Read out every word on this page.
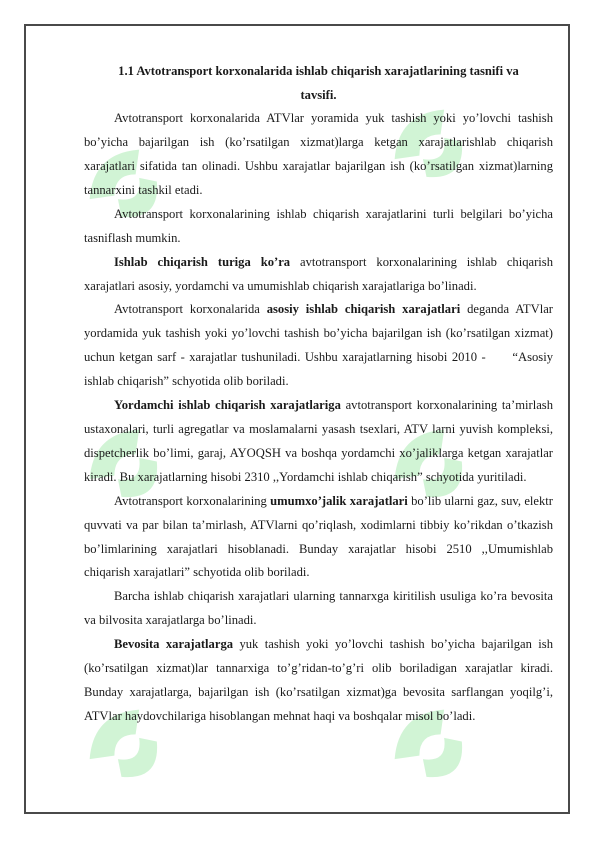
1.1 Avtotransport korxonalarida ishlab chiqarish xarajatlarining tasnifi va
tavsifi.

Avtotransport korxonalarida ATVlar yoramida yuk tashish yoki yo’lovchi tashish bo’yicha bajarilgan ish (ko’rsatilgan xizmat)larga ketgan xarajatlarishlab chiqarish xarajatlari sifatida tan olinadi. Ushbu xarajatlar bajarilgan ish (ko’rsatilgan xizmat)larning tannarxini tashkil etadi.

Avtotransport korxonalarining ishlab chiqarish xarajatlarini turli belgilari bo’yicha tasniflash mumkin.

Ishlab chiqarish turiga ko’ra avtotransport korxonalarining ishlab chiqarish xarajatlari asosiy, yordamchi va umumishlab chiqarish xarajatlariga bo’linadi.

Avtotransport korxonalarida asosiy ishlab chiqarish xarajatlari deganda ATVlar yordamida yuk tashish yoki yo’lovchi tashish bo’yicha bajarilgan ish (ko’rsatilgan xizmat) uchun ketgan sarf - xarajatlar tushuniladi. Ushbu xarajatlarning hisobi 2010 -      “Asosiy ishlab chiqarish” schyotida olib boriladi.

Yordamchi ishlab chiqarish xarajatlariga avtotransport korxonalarining ta’mirlash ustaxonalari, turli agregatlar va moslamalarni yasash tsexlari, ATV larni yuvish kompleksi, dispetcherlik bo’limi, garaj, AYOQSH va boshqa yordamchi xo’jaliklarga ketgan xarajatlar kiradi. Bu xarajatlarning hisobi 2310 ,,Yordamchi ishlab chiqarish” schyotida yuritiladi.

Avtotransport korxonalarining umumxo’jalik xarajatlari bo’lib ularni gaz, suv, elektr quvvati va par bilan ta’mirlash, ATVlarni qo’riqlash, xodimlarni tibbiy ko’rikdan o’tkazish bo’limlarining xarajatlari hisoblanadi. Bunday xarajatlar hisobi 2510 ,,Umumishlab chiqarish xarajatlari” schyotida olib boriladi.

Barcha ishlab chiqarish xarajatlari ularning tannarxga kiritilish usuliga ko’ra bevosita va bilvosita xarajatlarga bo’linadi.

Bevosita xarajatlarga yuk tashish yoki yo’lovchi tashish bo’yicha bajarilgan ish (ko’rsatilgan xizmat)lar tannarxiga to’g’ridan-to’g’ri olib boriladigan xarajatlar kiradi. Bunday xarajatlarga, bajarilgan ish (ko’rsatilgan xizmat)ga bevosita sarflangan yoqilg’i, ATVlar haydovchilariga hisoblangan mehnat haqi va boshqalar misol bo’ladi.
